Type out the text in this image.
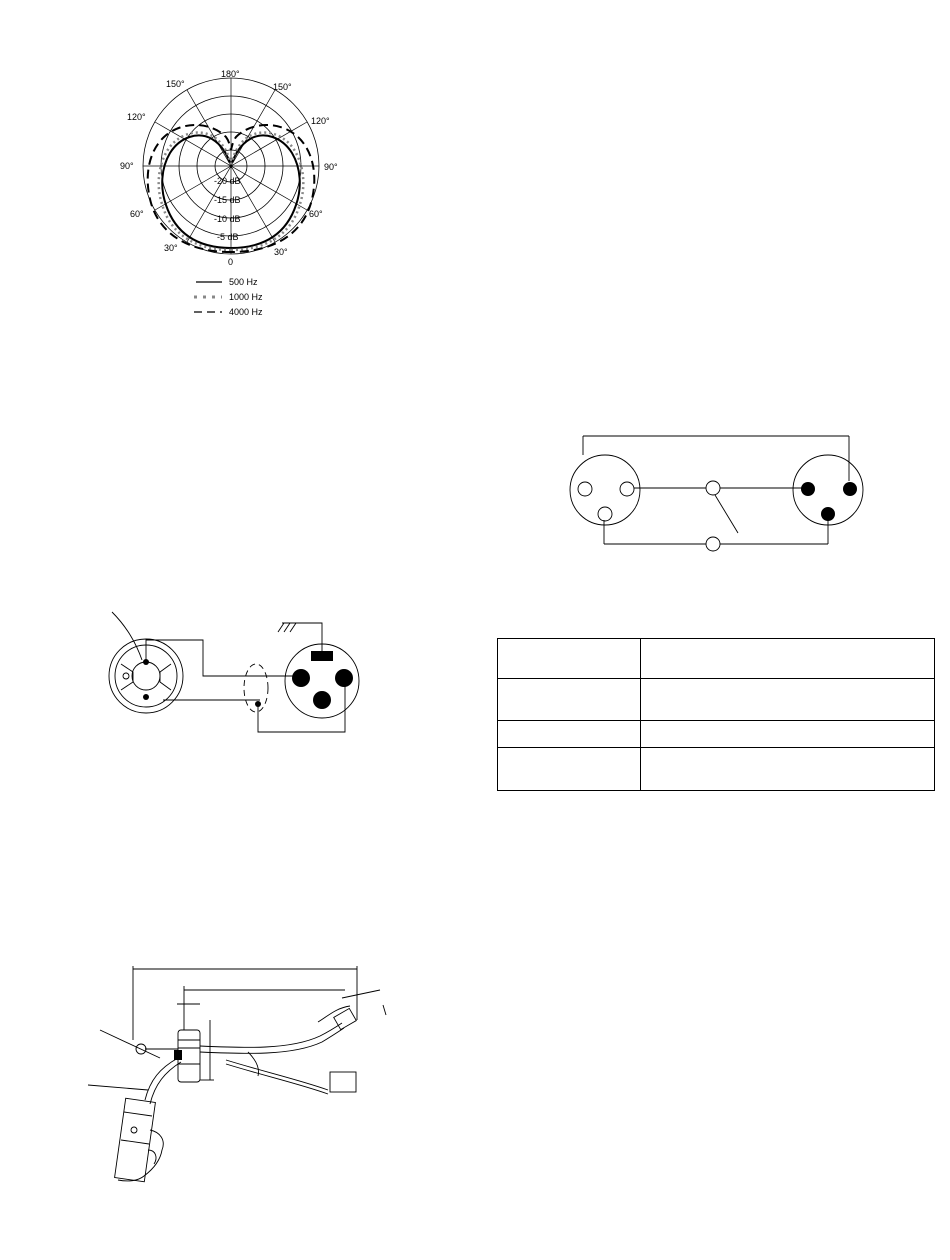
180°
150°	150°
120°	120°
90°	90°
60°	60°
30°	30°
0
-20 dB
-15 dB
-10 dB
-5 dB
500 Hz
1000 Hz
4000 Hz
